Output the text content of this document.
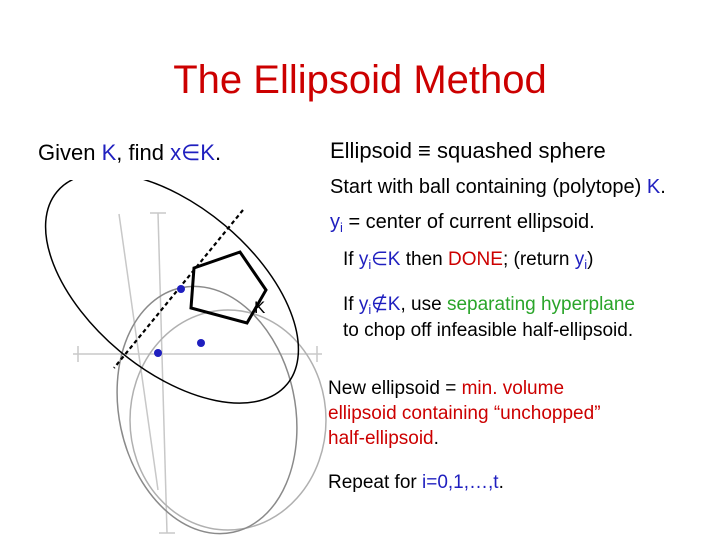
The Ellipsoid Method
Given K, find x∈K.	Ellipsoid ≡ squashed sphere
Start with ball containing (polytope) K.
$y_i$ = center of current ellipsoid.
If $y_i\in K$ then DONE; (return $y_i$)
If $y_i\notin K$, use separating hyperplane
to chop off infeasible half-ellipsoid.
New ellipsoid = min. volume
ellipsoid containing “unchopped”
half-ellipsoid.
Repeat for i=0,1,…,t.
K
